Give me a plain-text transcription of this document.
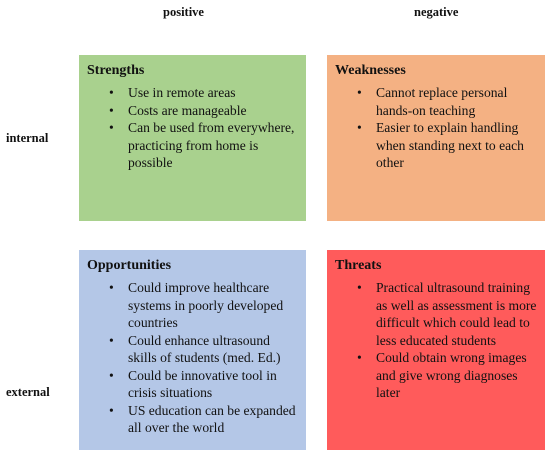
positive	negative
internal
external
Strengths
• Use in remote areas
• Costs are manageable
• Can be used from everywhere, practicing from home is possible
Weaknesses
• Cannot replace personal hands-on teaching
• Easier to explain handling when standing next to each other
Opportunities
• Could improve healthcare systems in poorly developed countries
• Could enhance ultrasound skills of students (med. Ed.)
• Could be innovative tool in crisis situations
• US education can be expanded all over the world
Threats
• Practical ultrasound training as well as assessment is more difficult which could lead to less educated students
• Could obtain wrong images and give wrong diagnoses later
